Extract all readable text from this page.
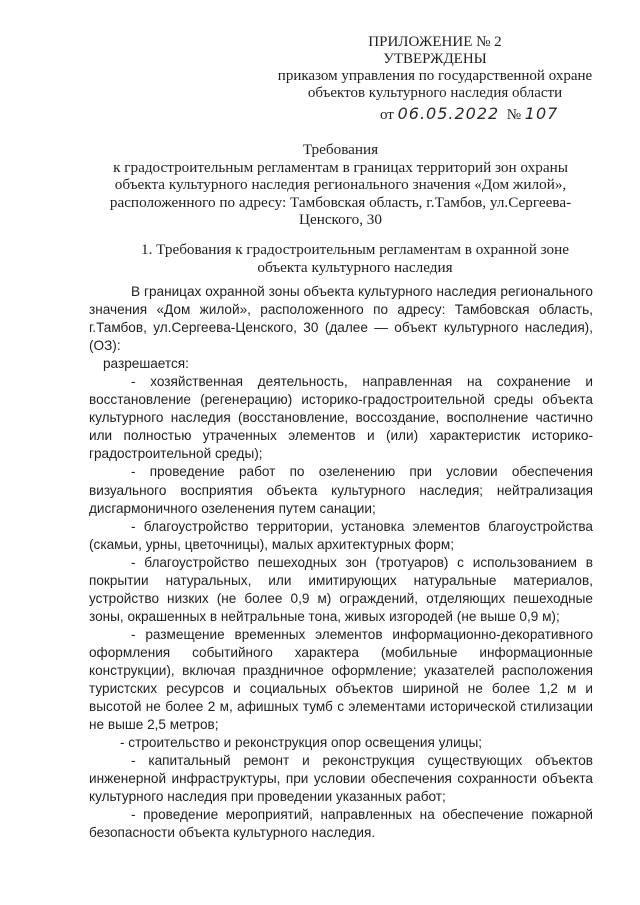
ПРИЛОЖЕНИЕ № 2
УТВЕРЖДЕНЫ
приказом управления по государственной охране
объектов культурного наследия области
от 06.05.2022 № 107
Требования
к градостроительным регламентам в границах территорий зон охраны
объекта культурного наследия регионального значения «Дом жилой»,
расположенного по адресу: Тамбовская область, г.Тамбов, ул.Сергеева-
Ценского, 30
1. Требования к градостроительным регламентам в охранной зоне
объекта культурного наследия

В границах охранной зоны объекта культурного наследия регионального значения «Дом жилой», расположенного по адресу: Тамбовская область, г.Тамбов, ул.Сергеева-Ценского, 30 (далее — объект культурного наследия), (ОЗ):

разрешается:

- хозяйственная деятельность, направленная на сохранение и восстановление (регенерацию) историко-градостроительной среды объекта культурного наследия (восстановление, воссоздание, восполнение частично или полностью утраченных элементов и (или) характеристик историко-градостроительной среды);

- проведение работ по озеленению при условии обеспечения визуального восприятия объекта культурного наследия; нейтрализация дисгармоничного озеленения путем санации;

- благоустройство территории, установка элементов благоустройства (скамьи, урны, цветочницы), малых архитектурных форм;

- благоустройство пешеходных зон (тротуаров) с использованием в покрытии натуральных, или имитирующих натуральные материалов, устройство низких (не более 0,9 м) ограждений, отделяющих пешеходные зоны, окрашенных в нейтральные тона, живых изгородей (не выше 0,9 м);

- размещение временных элементов информационно-декоративного оформления событийного характера (мобильные информационные конструкции), включая праздничное оформление; указателей расположения туристских ресурсов и социальных объектов шириной не более 1,2 м и высотой не более 2 м, афишных тумб с элементами исторической стилизации не выше 2,5 метров;

- строительство и реконструкция опор освещения улицы;

- капитальный ремонт и реконструкция существующих объектов инженерной инфраструктуры, при условии обеспечения сохранности объекта культурного наследия при проведении указанных работ;

- проведение мероприятий, направленных на обеспечение пожарной безопасности объекта культурного наследия.
